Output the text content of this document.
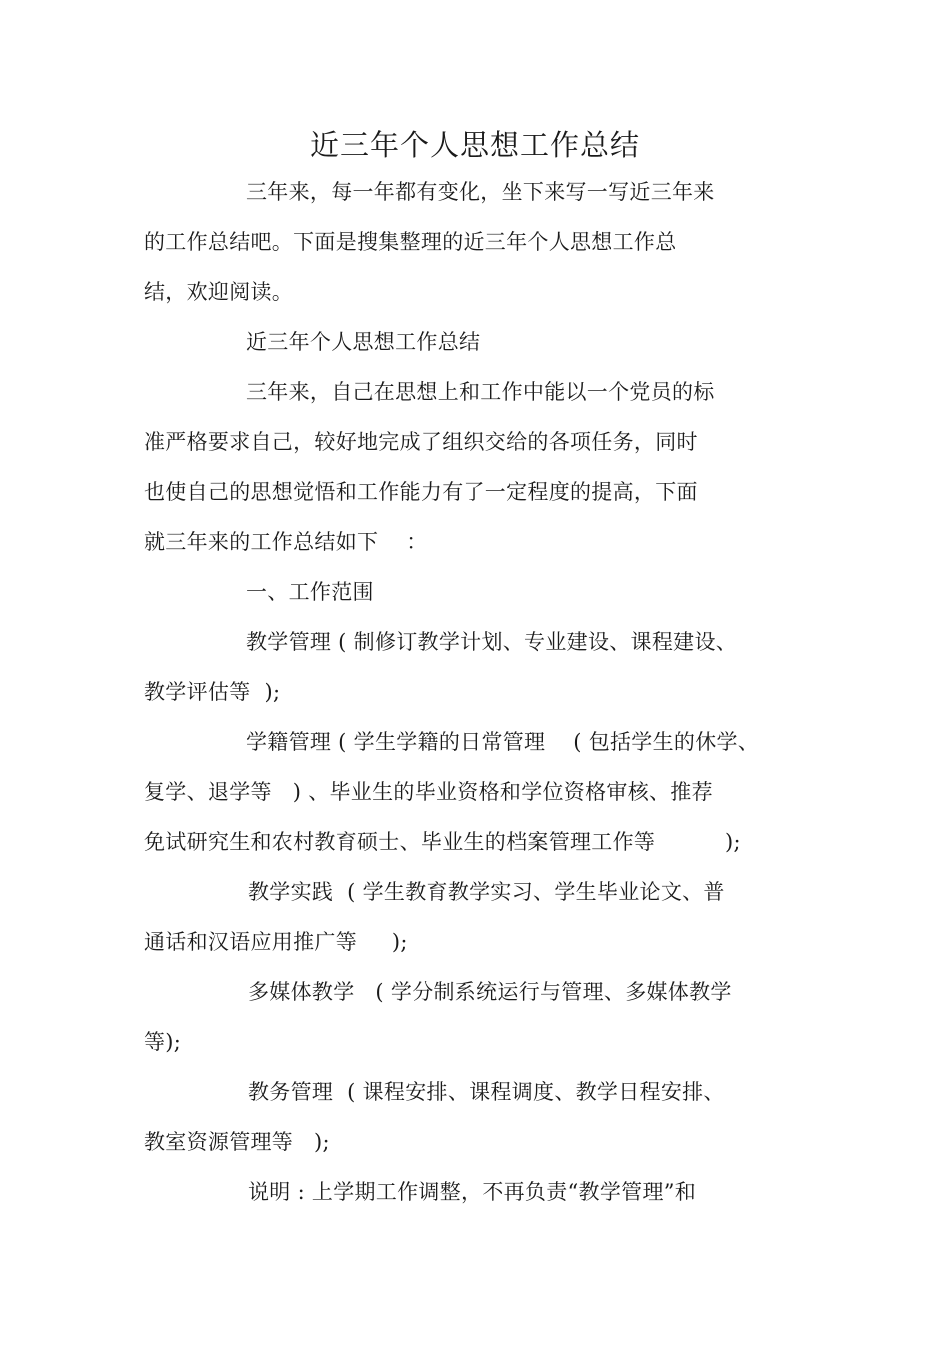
近三年个人思想工作总结
三年来，每一年都有变化，坐下来写一写近三年来
的工作总结吧。下面是搜集整理的近三年个人思想工作总
结，欢迎阅读。
近三年个人思想工作总结
三年来，自己在思想上和工作中能以一个党员的标
准严格要求自己，较好地完成了组织交给的各项任务，同时
也使自己的思想觉悟和工作能力有了一定程度的提高，下面
就三年来的工作总结如下    ：
一、工作范围
教学管理 ( 制修订教学计划、专业建设、课程建设、
教学评估等  );
学籍管理 ( 学生学籍的日常管理    ( 包括学生的休学、
复学、退学等   ) 、毕业生的毕业资格和学位资格审核、推荐
免试研究生和农村教育硕士、毕业生的档案管理工作等          );
教学实践  ( 学生教育教学实习、学生毕业论文、普
通话和汉语应用推广等     );
多媒体教学   ( 学分制系统运行与管理、多媒体教学
等);
教务管理  ( 课程安排、课程调度、教学日程安排、
教室资源管理等   );
说明 : 上学期工作调整，不再负责“教学管理”和
